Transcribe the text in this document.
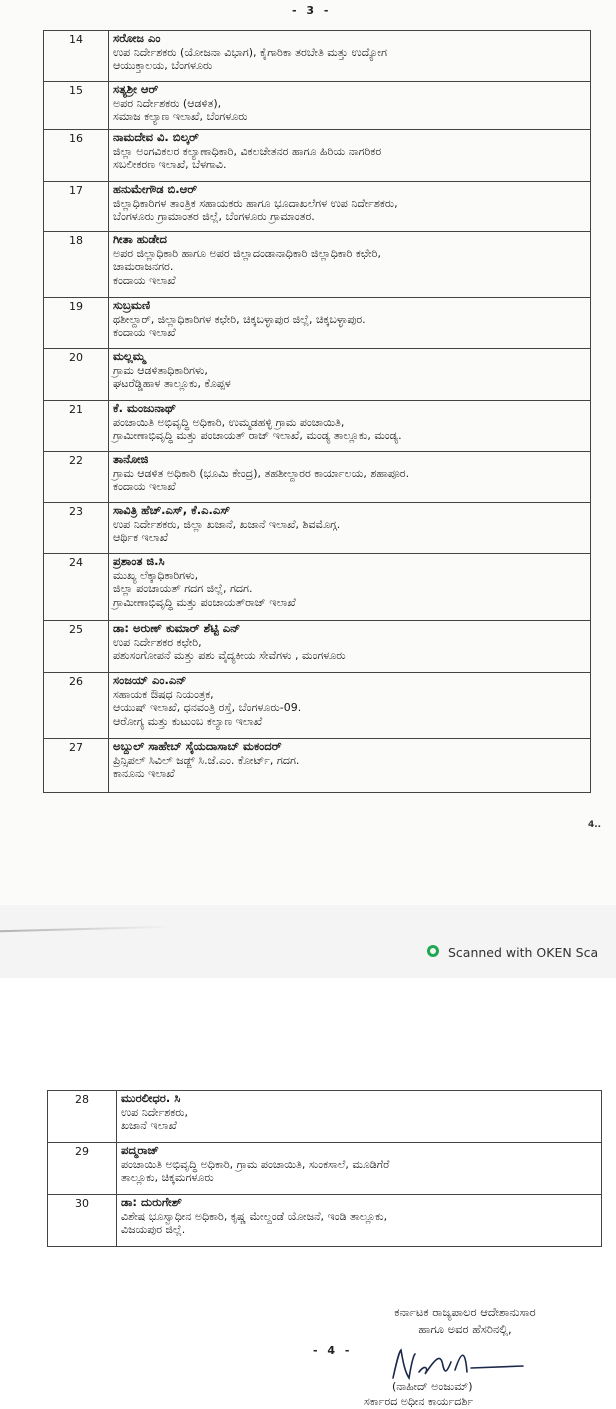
- 3 -
14	ಸರೋಜ ಎಂ
ಉಪ ನಿರ್ದೇಶಕರು (ಯೋಜನಾ ವಿಭಾಗ), ಕೈಗಾರಿಕಾ ತರಬೇತಿ ಮತ್ತು ಉದ್ಯೋಗ
ಆಯುಕ್ತಾಲಯ, ಬೆಂಗಳೂರು

15	ಸತ್ಯಶ್ರೀ ಆರ್
ಅಪರ ನಿರ್ದೇಶಕರು (ಆಡಳಿತ),
ಸಮಾಜ ಕಲ್ಯಾಣ ಇಲಾಖೆ, ಬೆಂಗಳೂರು

16	ನಾಮದೇವ ವಿ. ಬಿಲ್ಕರ್
ಜಿಲ್ಲಾ ಅಂಗವಿಕಲರ ಕಲ್ಯಾಣಾಧಿಕಾರಿ, ವಿಕಲಚೇತನರ ಹಾಗೂ ಹಿರಿಯ ನಾಗರಿಕರ
ಸಬಲೀಕರಣ ಇಲಾಖೆ, ಬೆಳಗಾವಿ.

17	ಹನುಮೇಗೌಡ ಬಿ.ಆರ್
ಜಿಲ್ಲಾಧಿಕಾರಿಗಳ ತಾಂತ್ರಿಕ ಸಹಾಯಕರು ಹಾಗೂ ಭೂದಾಖಲೆಗಳ ಉಪ ನಿರ್ದೇಶಕರು,
ಬೆಂಗಳೂರು ಗ್ರಾಮಾಂತರ ಜಿಲ್ಲೆ, ಬೆಂಗಳೂರು ಗ್ರಾಮಾಂತರ.

18	ಗೀತಾ ಹುಡೇದ
ಅಪರ ಜಿಲ್ಲಾಧಿಕಾರಿ ಹಾಗೂ ಅಪರ ಜಿಲ್ಲಾದಂಡಾನಾಧಿಕಾರಿ ಜಿಲ್ಲಾಧಿಕಾರಿ ಕಛೇರಿ,
ಚಾಮರಾಜನಗರ.
ಕಂದಾಯ ಇಲಾಖೆ

19	ಸುಬ್ರಮಣಿ
ಥಶೀಲ್ದಾರ್, ಜಿಲ್ಲಾಧಿಕಾರಿಗಳ ಕಛೇರಿ, ಚಿಕ್ಕಬಳ್ಳಾಪುರ ಜಿಲ್ಲೆ, ಚಿಕ್ಕಬಳ್ಳಾಪುರ.
ಕಂದಾಯ ಇಲಾಖೆ

20	ಮಲ್ಲಮ್ಮ
ಗ್ರಾಮ ಆಡಳಿತಾಧಿಕಾರಿಗಳು,
ಘಟರೆಡ್ಡಿಹಾಳ ತಾಲ್ಲೂಕು, ಕೊಪ್ಪಳ

21	ಕೆ. ಮಂಜುನಾಥ್
ಪಂಚಾಯಿತಿ ಅಭಿವೃದ್ಧಿ ಅಧಿಕಾರಿ, ಉಮ್ಮಡಹಳ್ಳಿ ಗ್ರಾಮ ಪಂಚಾಯಿತಿ,
ಗ್ರಾಮೀಣಾಭಿವೃದ್ಧಿ ಮತ್ತು ಪಂಚಾಯತ್ ರಾಜ್ ಇಲಾಖೆ, ಮಂಡ್ಯ ತಾಲ್ಲೂಕು, ಮಂಡ್ಯ.

22	ತಾನೋಜಿ
ಗ್ರಾಮ ಆಡಳಿತ ಅಧಿಕಾರಿ (ಭೂಮಿ ಕೇಂದ್ರ), ತಹಶೀಲ್ದಾರರ ಕಾರ್ಯಾಲಯ, ಶಹಾಪೂರ.
ಕಂದಾಯ ಇಲಾಖೆ

23	ಸಾವಿತ್ರಿ ಹೆಚ್.ಎಸ್, ಕೆ.ಎ.ಎಸ್
ಉಪ ನಿರ್ದೇಶಕರು, ಜಿಲ್ಲಾ ಖಜಾನೆ, ಖಜಾನೆ ಇಲಾಖೆ, ಶಿವಮೊಗ್ಗ.
ಆರ್ಥಿಕ ಇಲಾಖೆ

24	ಪ್ರಶಾಂತ ಜಿ.ಸಿ
ಮುಖ್ಯ ಲೆಕ್ಕಾಧಿಕಾರಿಗಳು,
ಜಿಲ್ಲಾ ಪಂಚಾಯತ್ ಗದಗ ಜಿಲ್ಲೆ, ಗದಗ.
ಗ್ರಾಮೀಣಾಭಿವೃದ್ಧಿ ಮತ್ತು ಪಂಚಾಯತ್‌ರಾಜ್ ಇಲಾಖೆ

25	ಡಾ: ಅರುಣ್ ಕುಮಾರ್ ಶೆಟ್ಟಿ ಎನ್
ಉಪ ನಿರ್ದೇಶಕರ ಕಛೇರಿ,
ಪಶುಸಂಗೋಪನೆ ಮತ್ತು ಪಶು ವೈದ್ಯಕೀಯ ಸೇವೆಗಳು , ಮಂಗಳೂರು

26	ಸಂಜಯ್ ಎಂ.ಎನ್
ಸಹಾಯಕ ಔಷಧ ನಿಯಂತ್ರಕ,
ಆಯುಷ್ ಇಲಾಖೆ, ಧನವಂತ್ರಿ ರಸ್ತೆ, ಬೆಂಗಳೂರು-09.
ಆರೋಗ್ಯ ಮತ್ತು ಕುಟುಂಬ ಕಲ್ಯಾಣ ಇಲಾಖೆ

27	ಅಬ್ದುಲ್ ಸಾಹೇಬ್ ಸೈಯದಾಸಾಬ್ ಮಕಂದರ್
ಪ್ರಿನ್ಸಿಪಲ್ ಸಿವಿಲ್ ಜಡ್ಜ್ ಸಿ.ಜೆ.ಎಂ. ಕೋರ್ಟ್, ಗದಗ.
ಕಾನೂನು ಇಲಾಖೆ
4..
Scanned with OKEN Sca
- 4 -
28	ಮುರಲೀಧರ. ಸಿ
ಉಪ ನಿರ್ದೇಶಕರು,
ಖಜಾನೆ ಇಲಾಖೆ

29	ಪದ್ಮರಾಜ್
ಪಂಚಾಯಿತಿ ಅಭಿವೃದ್ಧಿ ಅಧಿಕಾರಿ, ಗ್ರಾಮ ಪಂಚಾಯಿತಿ, ಸುಂಕಸಾಲೆ, ಮೂಡಿಗೆರೆ
ತಾಲ್ಲೂಕು, ಚಿಕ್ಕಮಗಳೂರು

30	ಡಾ: ದುರುಗೇಶ್
ವಿಶೇಷ ಭೂಸ್ವಾಧೀನ ಅಧಿಕಾರಿ, ಕೃಷ್ಣ ಮೇಲ್ದಂಡೆ ಯೋಜನೆ, ಇಂಡಿ ತಾಲ್ಲೂಕು,
ವಿಜಯಪುರ ಜಿಲ್ಲೆ.
ಕರ್ನಾಟಕ ರಾಜ್ಯಪಾಲರ ಆದೇಶಾನುಸಾರ
ಹಾಗೂ ಅವರ ಹೆಸರಿನಲ್ಲಿ,
(ನಾಹೀದ್ ಅಂಜುಮ್)
ಸರ್ಕಾರದ ಅಧೀನ ಕಾರ್ಯದರ್ಶಿ
